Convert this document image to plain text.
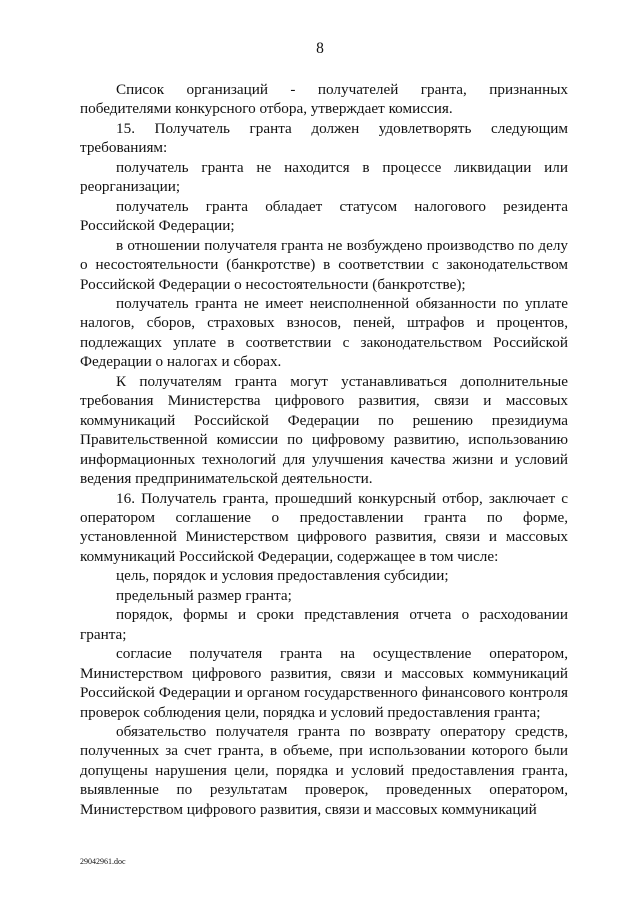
8

Список организаций - получателей гранта, признанных победителями конкурсного отбора, утверждает комиссия.

15. Получатель гранта должен удовлетворять следующим требованиям:

получатель гранта не находится в процессе ликвидации или реорганизации;

получатель гранта обладает статусом налогового резидента Российской Федерации;

в отношении получателя гранта не возбуждено производство по делу о несостоятельности (банкротстве) в соответствии с законодательством Российской Федерации о несостоятельности (банкротстве);

получатель гранта не имеет неисполненной обязанности по уплате налогов, сборов, страховых взносов, пеней, штрафов и процентов, подлежащих уплате в соответствии с законодательством Российской Федерации о налогах и сборах.

К получателям гранта могут устанавливаться дополнительные требования Министерства цифрового развития, связи и массовых коммуникаций Российской Федерации по решению президиума Правительственной комиссии по цифровому развитию, использованию информационных технологий для улучшения качества жизни и условий ведения предпринимательской деятельности.

16. Получатель гранта, прошедший конкурсный отбор, заключает с оператором соглашение о предоставлении гранта по форме, установленной Министерством цифрового развития, связи и массовых коммуникаций Российской Федерации, содержащее в том числе:

цель, порядок и условия предоставления субсидии;

предельный размер гранта;

порядок, формы и сроки представления отчета о расходовании гранта;

согласие получателя гранта на осуществление оператором, Министерством цифрового развития, связи и массовых коммуникаций Российской Федерации и органом государственного финансового контроля проверок соблюдения цели, порядка и условий предоставления гранта;

обязательство получателя гранта по возврату оператору средств, полученных за счет гранта, в объеме, при использовании которого были допущены нарушения цели, порядка и условий предоставления гранта, выявленные по результатам проверок, проведенных оператором, Министерством цифрового развития, связи и массовых коммуникаций

29042961.doc
